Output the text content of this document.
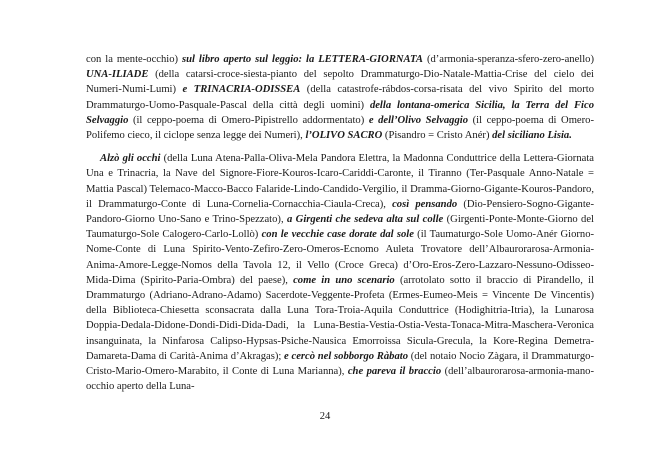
con la mente-occhio) sul libro aperto sul leggio: la LETTERA-GIORNATA (d’armonia-speranza-sfero-zero-anello) UNA-ILIADE (della catarsi-croce-siesta-pianto del sepolto Drammaturgo-Dio-Natale-Mattia-Crise del cielo dei Numeri-Numi-Lumi) e TRINACRIA-ODISSEA (della catastrofe-rábdos-corsa-risata del vivo Spirito del morto Drammaturgo-Uomo-Pasquale-Pascal della città degli uomini) della lontana-omerica Sicilia, la Terra del Fico Selvaggio (il ceppo-poema di Omero-Pipistrello addormentato) e dell’Olivo Selvaggio (il ceppo-poema di Omero-Polifemo cieco, il ciclope senza legge dei Numeri), l’OLIVO SACRO (Pisandro = Cristo Anér) del siciliano Lisia.

Alzò gli occhi (della Luna Atena-Palla-Oliva-Mela Pandora Elettra, la Madonna Conduttrice della Lettera-Giornata Una e Trinacria, la Nave del Signore-Fiore-Kouros-Icaro-Cariddi-Caronte, il Tiranno (Ter-Pasquale Anno-Natale = Mattia Pascal) Telemaco-Macco-Bacco Falaride-Lindo-Candido-Vergilio, il Dramma-Giorno-Gigante-Kouros-Pandoro, il Drammaturgo-Conte di Luna-Cornelia-Cornacchia-Ciaula-Creca), così pensando (Dio-Pensiero-Sogno-Gigante-Pandoro-Giorno Uno-Sano e Trino-Spezzato), a Girgenti che sedeva alta sul colle (Girgenti-Ponte-Monte-Giorno del Taumaturgo-Sole Calogero-Carlo-Lollò) con le vecchie case dorate dal sole (il Taumaturgo-Sole Uomo-Anér Giorno-Nome-Conte di Luna Spirito-Vento-Zefiro-Zero-Omeros-Ecnomo Auleta Trovatore dell’Albaurorarosa-Armonia-Anima-Amore-Legge-Nomos della Tavola 12, il Vello (Croce Greca) d’Oro-Eros-Zero-Lazzaro-Nessuno-Odisseo-Mida-Dima (Spirito-Paria-Ombra) del paese), come in uno scenario (arrotolato sotto il braccio di Pirandello, il Drammaturgo (Adriano-Adrano-Adamo) Sacerdote-Veggente-Profeta (Ermes-Eumeo-Meis = Vincente De Vincentis) della Biblioteca-Chiesetta sconsacrata dalla Luna Tora-Troia-Aquila Conduttrice (Hodighitria-Itria), la Lunarosa Doppia-Dedala-Didone-Dondi-Didì-Dida-Dadi, la Luna-Bestia-Vestia-Ostia-Vesta-Tonaca-Mitra-Maschera-Veronica insanguinata, la Ninfarosa Calipso-Hypsas-Psiche-Nausica Emorroissa Sicula-Grecula, la Kore-Regina Demetra-Damareta-Dama di Carità-Anima d’Akragas); e cercò nel sobborgo Ràbato (del notaio Nocio Zàgara, il Drammaturgo-Cristo-Mario-Omero-Marabito, il Conte di Luna Marianna), che pareva il braccio (dell’albaurorarosa-armonia-mano-occhio aperto della Luna-

24
